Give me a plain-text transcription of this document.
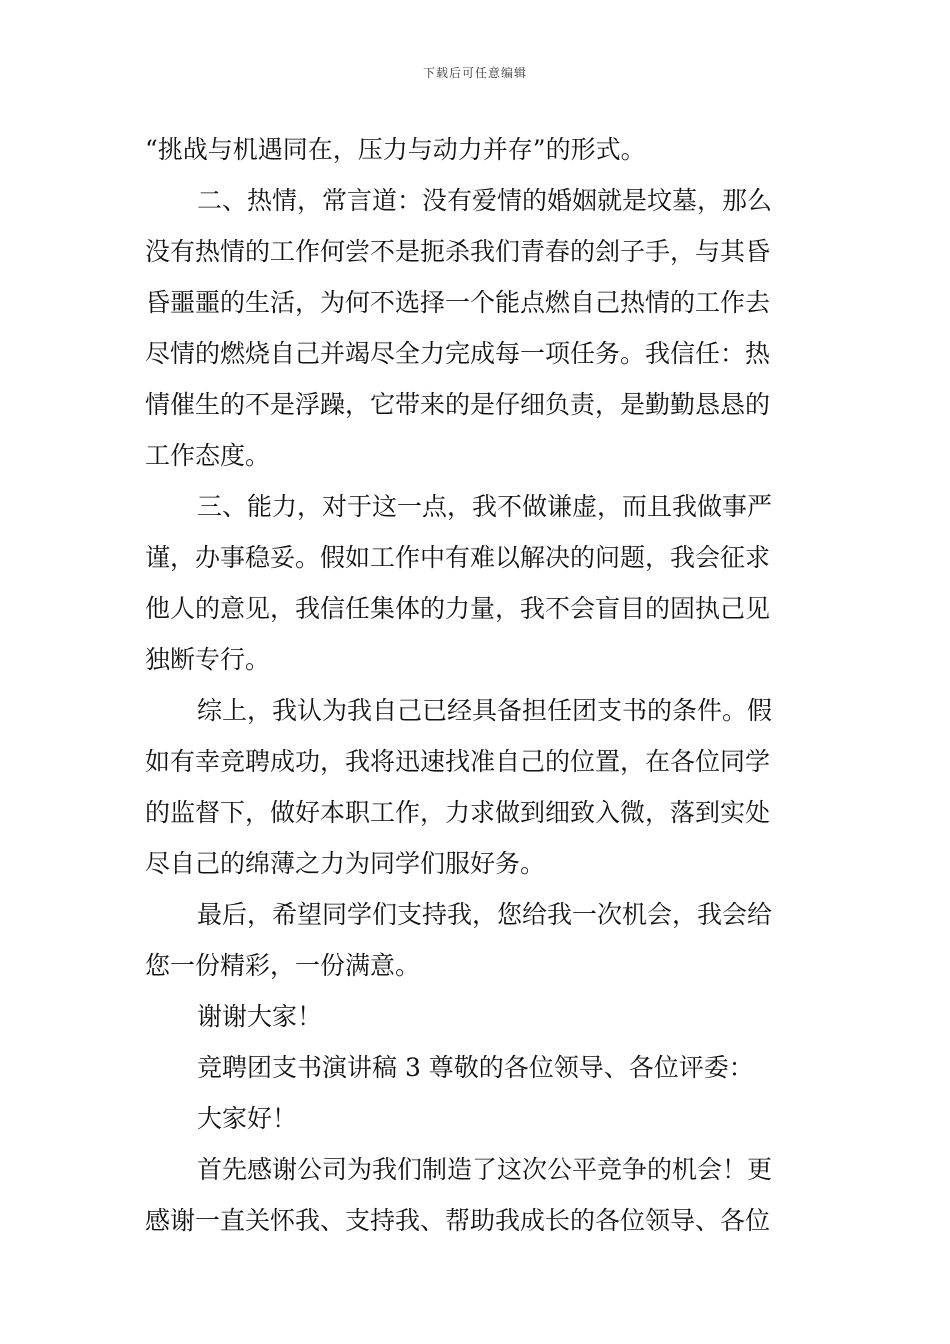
下载后可任意编辑
“挑战与机遇同在，压力与动力并存”的形式。
二、热情，常言道：没有爱情的婚姻就是坟墓，那么
没有热情的工作何尝不是扼杀我们青春的刽子手，与其昏
昏噩噩的生活，为何不选择一个能点燃自己热情的工作去
尽情的燃烧自己并竭尽全力完成每一项任务。我信任：热
情催生的不是浮躁，它带来的是仔细负责，是勤勤恳恳的
工作态度。
三、能力，对于这一点，我不做谦虚，而且我做事严
谨，办事稳妥。假如工作中有难以解决的问题，我会征求
他人的意见，我信任集体的力量，我不会盲目的固执己见
独断专行。
综上，我认为我自己已经具备担任团支书的条件。假
如有幸竞聘成功，我将迅速找准自己的位置，在各位同学
的监督下，做好本职工作，力求做到细致入微，落到实处
尽自己的绵薄之力为同学们服好务。
最后，希望同学们支持我，您给我一次机会，我会给
您一份精彩，一份满意。
谢谢大家！
竞聘团支书演讲稿 3 尊敬的各位领导、各位评委：
大家好！
首先感谢公司为我们制造了这次公平竞争的机会！更
感谢一直关怀我、支持我、帮助我成长的各位领导、各位
